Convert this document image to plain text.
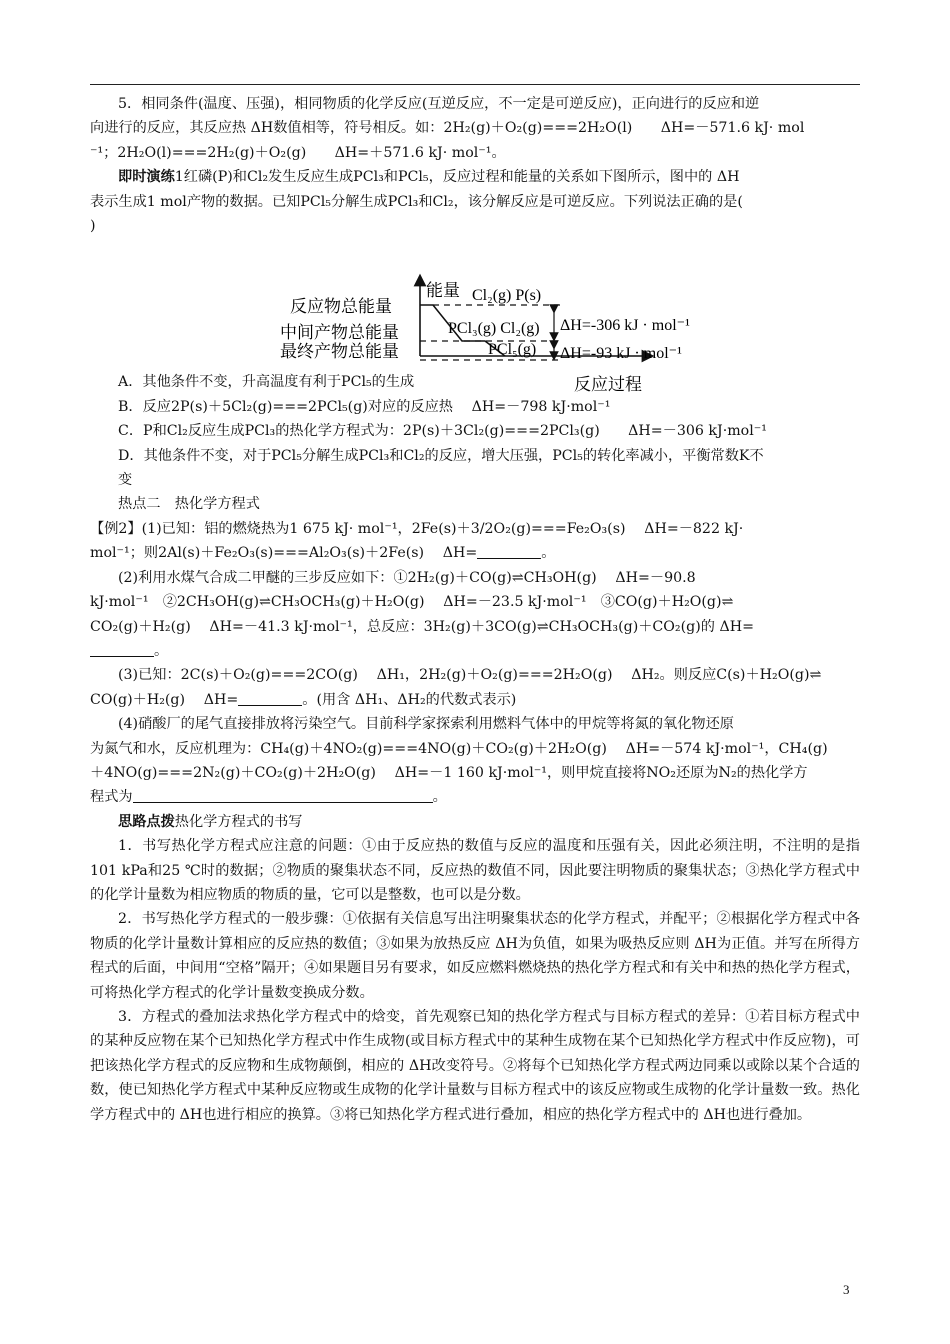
5．相同条件(温度、压强)，相同物质的化学反应(互逆反应，不一定是可逆反应)，正向进行的反应和逆

向进行的反应，其反应热 ΔH数值相等，符号相反。如：2H₂(g)＋O₂(g)===2H₂O(l)　　ΔH=－571.6 kJ· mol

⁻¹；2H₂O(l)===2H₂(g)＋O₂(g)　　ΔH=＋571.6 kJ· mol⁻¹。

即时演练1红磷(P)和Cl₂发生反应生成PCl₃和PCl₅，反应过程和能量的关系如下图所示，图中的 ΔH

表示生成1 mol产物的数据。已知PCl₅分解生成PCl₃和Cl₂，该分解反应是可逆反应。下列说法正确的是(

)

能量
反应过程
反应物总能量
中间产物总能量
最终产物总能量
Cl₂(g) P(s)
PCl₃(g) Cl₂(g)
PCl₅(g)
ΔH=-306 kJ · mol⁻¹
ΔH=-93 kJ · mol⁻¹

A．其他条件不变，升高温度有利于PCl₅的生成

B．反应2P(s)＋5Cl₂(g)===2PCl₅(g)对应的反应热　 ΔH=－798 kJ·mol⁻¹

C．P和Cl₂反应生成PCl₃的热化学方程式为：2P(s)＋3Cl₂(g)===2PCl₃(g)　　ΔH=－306 kJ·mol⁻¹

D．其他条件不变，对于PCl₅分解生成PCl₃和Cl₂的反应，增大压强，PCl₅的转化率减小，平衡常数K不

变

热点二　热化学方程式

【例2】(1)已知：铝的燃烧热为1 675 kJ· mol⁻¹，2Fe(s)＋3/2O₂(g)===Fe₂O₃(s)　 ΔH=－822 kJ·

mol⁻¹；则2Al(s)＋Fe₂O₃(s)===Al₂O₃(s)＋2Fe(s)　 ΔH=	。

(2)利用水煤气合成二甲醚的三步反应如下：①2H₂(g)＋CO(g)⇌CH₃OH(g)　 ΔH=－90.8

kJ·mol⁻¹　②2CH₃OH(g)⇌CH₃OCH₃(g)＋H₂O(g)　 ΔH=－23.5 kJ·mol⁻¹　③CO(g)＋H₂O(g)⇌

CO₂(g)＋H₂(g)　 ΔH=－41.3 kJ·mol⁻¹，总反应：3H₂(g)＋3CO(g)⇌CH₃OCH₃(g)＋CO₂(g)的 ΔH=

。

(3)已知：2C(s)＋O₂(g)===2CO(g)　 ΔH₁，2H₂(g)＋O₂(g)===2H₂O(g)　 ΔH₂。则反应C(s)＋H₂O(g)⇌

CO(g)＋H₂(g)　 ΔH=	。(用含 ΔH₁、ΔH₂的代数式表示)

(4)硝酸厂的尾气直接排放将污染空气。目前科学家探索利用燃料气体中的甲烷等将氮的氧化物还原

为氮气和水，反应机理为：CH₄(g)＋4NO₂(g)===4NO(g)＋CO₂(g)＋2H₂O(g)　 ΔH=－574 kJ·mol⁻¹，CH₄(g)

＋4NO(g)===2N₂(g)＋CO₂(g)＋2H₂O(g)　 ΔH=－1 160 kJ·mol⁻¹，则甲烷直接将NO₂还原为N₂的热化学方

程式为	。

思路点拨热化学方程式的书写

1．书写热化学方程式应注意的问题：①由于反应热的数值与反应的温度和压强有关，因此必须注明，不注明的是指101 kPa和25 ℃时的数据；②物质的聚集状态不同，反应热的数值不同，因此要注明物质的聚集状态；③热化学方程式中的化学计量数为相应物质的物质的量，它可以是整数，也可以是分数。

2．书写热化学方程式的一般步骤：①依据有关信息写出注明聚集状态的化学方程式，并配平；②根据化学方程式中各物质的化学计量数计算相应的反应热的数值；③如果为放热反应 ΔH为负值，如果为吸热反应则 ΔH为正值。并写在所得方程式的后面，中间用“空格”隔开；④如果题目另有要求，如反应燃料燃烧热的热化学方程式和有关中和热的热化学方程式，可将热化学方程式的化学计量数变换成分数。

3．方程式的叠加法求热化学方程式中的焓变，首先观察已知的热化学方程式与目标方程式的差异：①若目标方程式中的某种反应物在某个已知热化学方程式中作生成物(或目标方程式中的某种生成物在某个已知热化学方程式中作反应物)，可把该热化学方程式的反应物和生成物颠倒，相应的 ΔH改变符号。②将每个已知热化学方程式两边同乘以或除以某个合适的数，使已知热化学方程式中某种反应物或生成物的化学计量数与目标方程式中的该反应物或生成物的化学计量数一致。热化学方程式中的 ΔH也进行相应的换算。③将已知热化学方程式进行叠加，相应的热化学方程式中的 ΔH也进行叠加。

3
